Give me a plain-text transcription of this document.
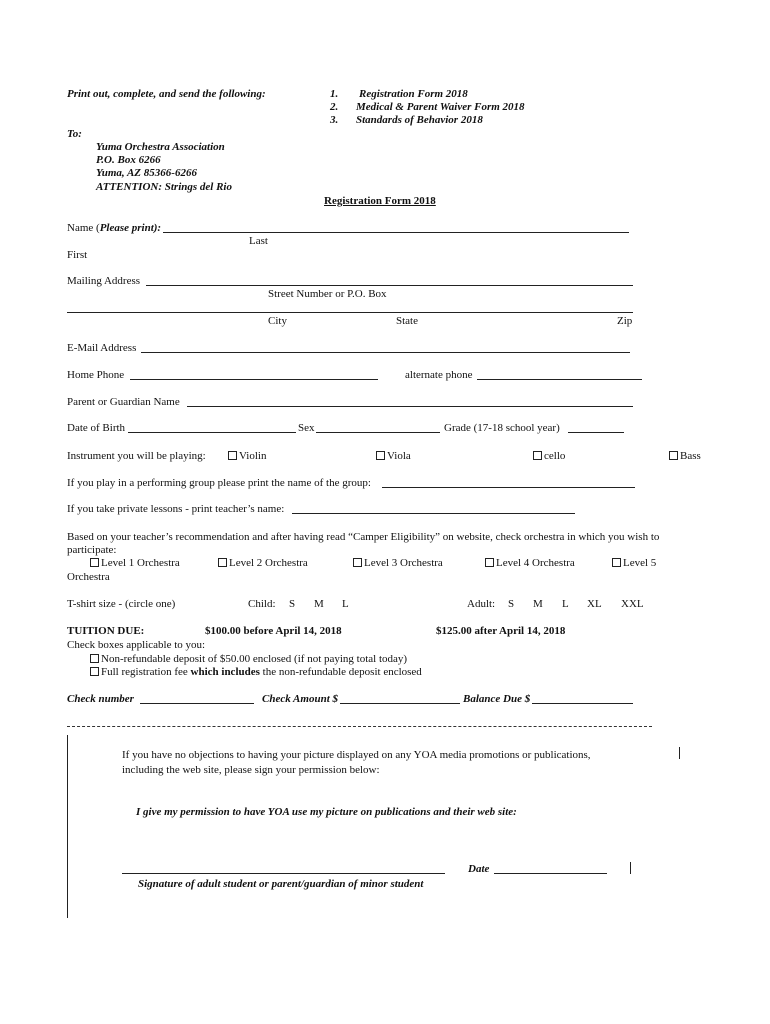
Print out, complete, and send the following:	1. Registration Form 2018
2. Medical & Parent Waiver Form 2018
3. Standards of Behavior 2018
To:
Yuma Orchestra Association
P.O. Box 6266
Yuma, AZ 85366-6266
ATTENTION: Strings del Rio
Registration Form 2018
Name (Please print):
Last
First
Mailing Address
Street Number or P.O. Box
City	State	Zip
E-Mail Address
Home Phone	alternate phone
Parent or Guardian Name
Date of Birth	Sex	Grade (17-18 school year)
Instrument you will be playing:	Violin	Viola	cello	Bass
If you play in a performing group please print the name of the group:
If you take private lessons - print teacher’s name:
Based on your teacher’s recommendation and after having read “Camper Eligibility” on website, check orchestra in which you wish to
participate:
Level 1 Orchestra	Level 2 Orchestra	Level 3 Orchestra	Level 4 Orchestra	Level 5
Orchestra
T-shirt size - (circle one)	Child: S M L	Adult: S M L XL XXL
TUITION DUE:	$100.00 before April 14, 2018	$125.00 after April 14, 2018
Check boxes applicable to you:
Non-refundable deposit of $50.00 enclosed (if not paying total today)
Full registration fee which includes the non-refundable deposit enclosed
Check number	Check Amount $	Balance Due $
If you have no objections to having your picture displayed on any YOA media promotions or publications,
including the web site, please sign your permission below:
I give my permission to have YOA use my picture on publications and their web site:
Date
Signature of adult student or parent/guardian of minor student
